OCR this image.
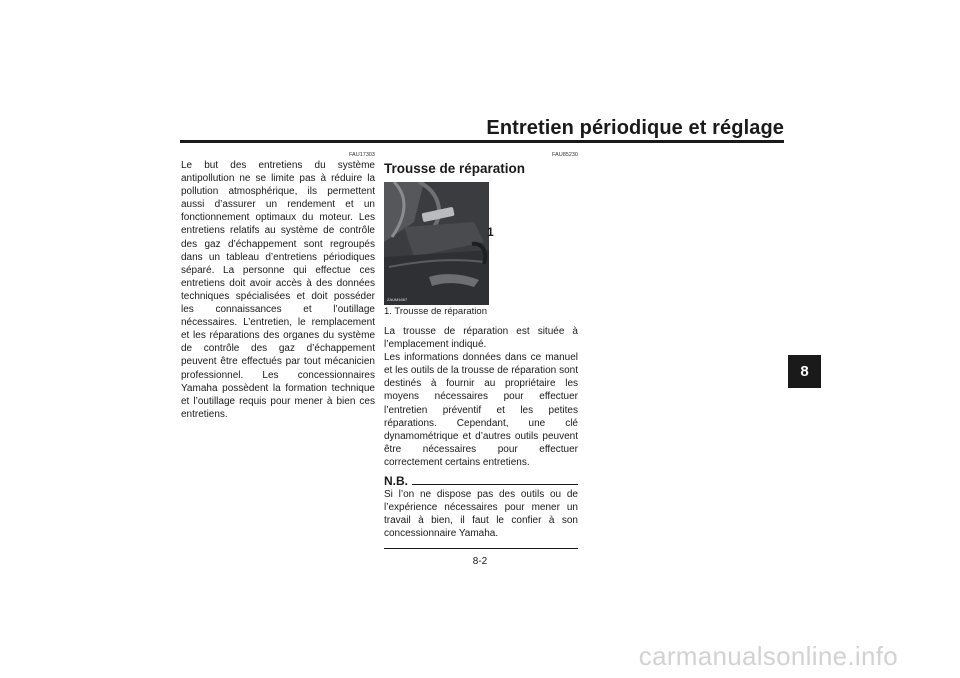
Entretien périodique et réglage
8
FAU17303

Le but des entretiens du système antipollution ne se limite pas à réduire la pollution atmosphérique, ils permettent aussi d’assurer un rendement et un fonctionnement optimaux du moteur. Les entretiens relatifs au système de contrôle des gaz d’échappement sont regroupés dans un tableau d’entretiens périodiques séparé. La personne qui effectue ces entretiens doit avoir accès à des données techniques spécialisées et doit posséder les connaissances et l’outillage nécessaires. L’entretien, le remplacement et les réparations des organes du système de contrôle des gaz d’échappement peuvent être effectués par tout mécanicien professionnel. Les concessionnaires Yamaha possèdent la formation technique et l’outillage requis pour mener à bien ces entretiens.

FAU85230
Trousse de réparation
ZAUM1667
1
1. Trousse de réparation

La trousse de réparation est située à l’emplacement indiqué.

Les informations données dans ce manuel et les outils de la trousse de réparation sont destinés à fournir au propriétaire les moyens nécessaires pour effectuer l’entretien préventif et les petites réparations. Cependant, une clé dynamométrique et d’autres outils peuvent être nécessaires pour effectuer correctement certains entretiens.

N.B.

Si l’on ne dispose pas des outils ou de l’expérience nécessaires pour mener un travail à bien, il faut le confier à son concessionnaire Yamaha.

8-2
carmanualsonline.info
